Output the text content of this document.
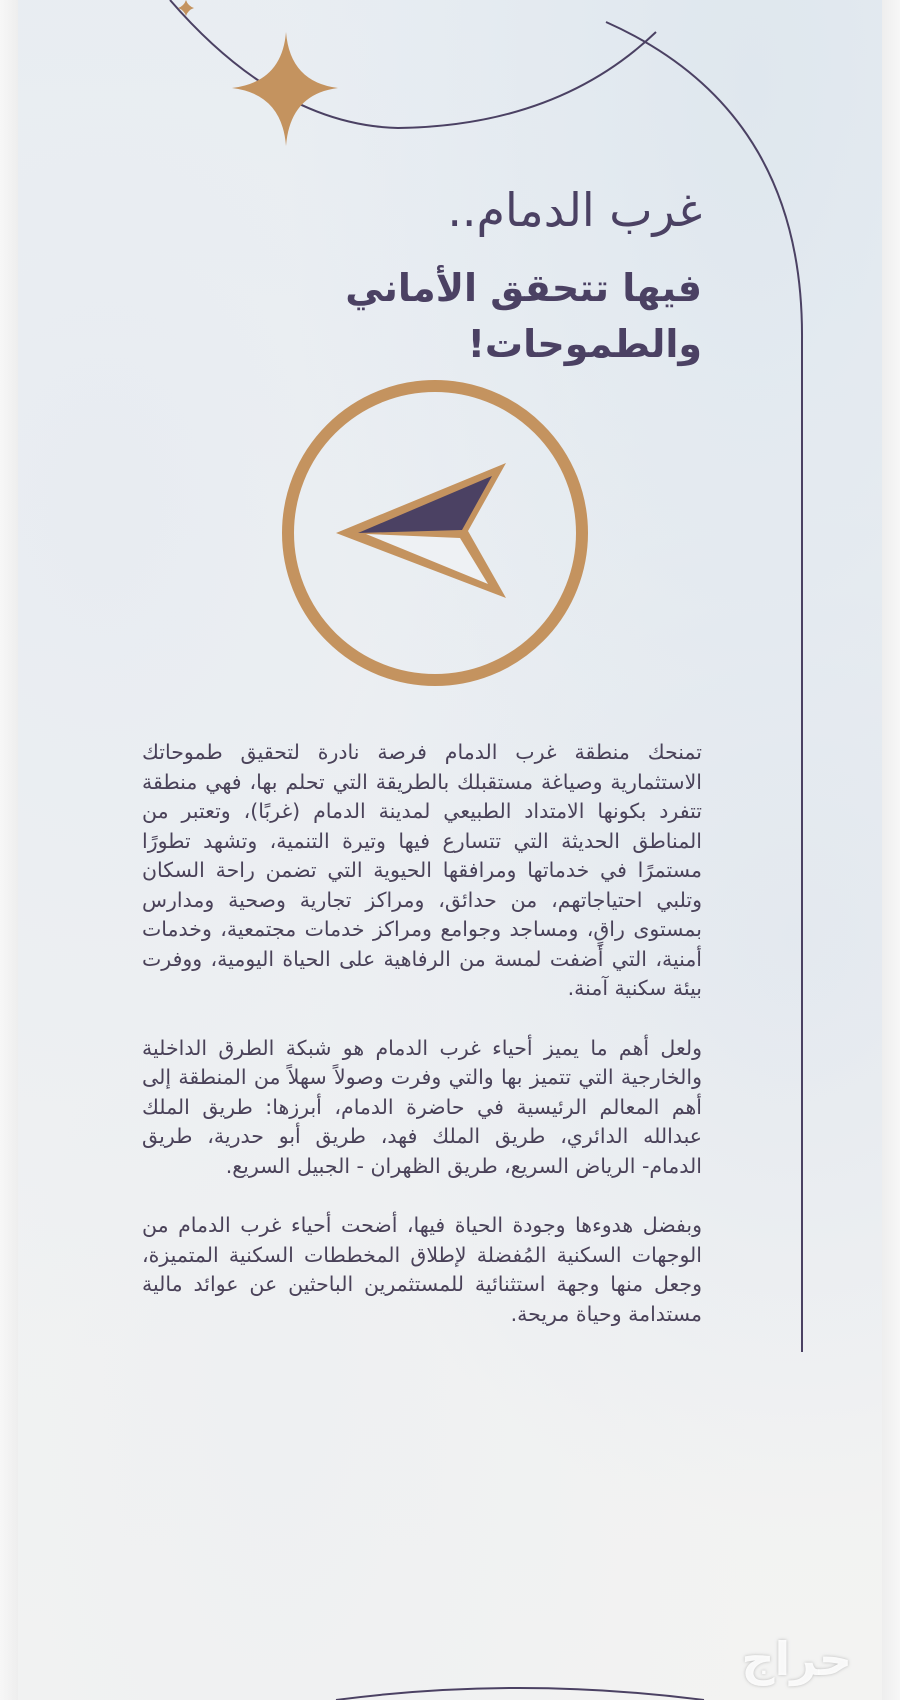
غرب الدمام..
فيها تتحقق الأماني والطموحات!

تمنحك منطقة غرب الدمام فرصة نادرة لتحقيق طموحاتك الاستثمارية وصياغة مستقبلك بالطريقة التي تحلم بها، فهي منطقة تتفرد بكونها الامتداد الطبيعي لمدينة الدمام (غربًا)، وتعتبر من المناطق الحديثة التي تتسارع فيها وتيرة التنمية، وتشهد تطورًا مستمرًا في خدماتها ومرافقها الحيوية التي تضمن راحة السكان وتلبي احتياجاتهم، من حدائق، ومراكز تجارية وصحية ومدارس بمستوى راقٍ، ومساجد وجوامع ومراكز خدمات مجتمعية، وخدمات أمنية، التي أضفت لمسة من الرفاهية على الحياة اليومية، ووفرت بيئة سكنية آمنة.

ولعل أهم ما يميز أحياء غرب الدمام هو شبكة الطرق الداخلية والخارجية التي تتميز بها والتي وفرت وصولاً سهلاً من المنطقة إلى أهم المعالم الرئيسية في حاضرة الدمام، أبرزها: طريق الملك عبدالله الدائري، طريق الملك فهد، طريق أبو حدرية، طريق الدمام- الرياض السريع، طريق الظهران - الجبيل السريع.

وبفضل هدوءها وجودة الحياة فيها، أضحت أحياء غرب الدمام من الوجهات السكنية المُفضلة لإطلاق المخططات السكنية المتميزة، وجعل منها وجهة استثنائية للمستثمرين الباحثين عن عوائد مالية مستدامة وحياة مريحة.

حراج
